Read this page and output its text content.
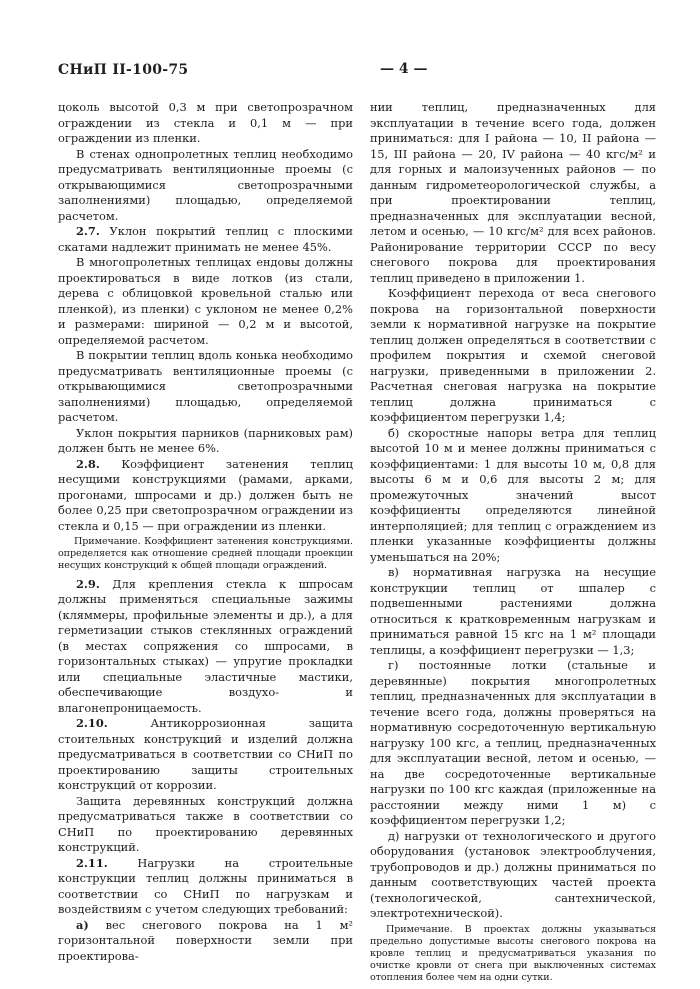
СНиП II-100-75	— 4 —

цоколь высотой 0,3 м при светопрозрачном ограждении из стекла и 0,1 м — при ограждении из пленки.

В стенах однопролетных теплиц необходимо предусматривать вентиляционные проемы (с открывающимися светопрозрачными заполнениями) площадью, определяемой расчетом.

2.7. Уклон покрытий теплиц с плоскими скатами надлежит принимать не менее 45%.

В многопролетных теплицах ендовы должны проектироваться в виде лотков (из стали, дерева с облицовкой кровельной сталью или пленкой), из пленки) с уклоном не менее 0,2% и размерами: шириной — 0,2 м и высотой, определяемой расчетом.

В покрытии теплиц вдоль конька необходимо предусматривать вентиляционные проемы (с открывающимися светопрозрачными заполнениями) площадью, определяемой расчетом.

Уклон покрытия парников (парниковых рам) должен быть не менее 6%.

2.8. Коэффициент затенения теплиц несущими конструкциями (рамами, арками, прогонами, шпросами и др.) должен быть не более 0,25 при светопрозрачном ограждении из стекла и 0,15 — при ограждении из пленки.

Примечание. Коэффициент затенения конструкциями. определяется как отношение средней площади проекции несущих конструкций к общей площади ограждений.

2.9. Для крепления стекла к шпросам должны применяться специальные зажимы (кляммеры, профильные элементы и др.), а для герметизации стыков стеклянных ограждений (в местах сопряжения со шпросами, в горизонтальных стыках) — упругие прокладки или специальные эластичные мастики, обеспечивающие воздухо- и влагонепроницаемость.

2.10. Антикоррозионная защита стоительных конструкций и изделий должна предусматриваться в соответствии со СНиП по проектированию защиты строительных конструкций от коррозии.

Защита деревянных конструкций должна предусматриваться также в соответствии со СНиП по проектированию деревянных конструкций.

2.11. Нагрузки на строительные конструкции теплиц должны приниматься в соответствии со СНиП по нагрузкам и воздействиям с учетом следующих требований:

а) вес снегового покрова на 1 м² горизонтальной поверхности земли при проектирова-

нии теплиц, предназначенных для эксплуатации в течение всего года, должен приниматься: для I района — 10, II района — 15, III района — 20, IV района — 40 кгс/м² и для горных и малоизученных районов — по данным гидрометеорологической службы, а при проектировании теплиц, предназначенных для эксплуатации весной, летом и осенью, — 10 кгс/м² для всех районов. Районирование территории СССР по весу снегового покрова для проектирования теплиц приведено в приложении 1.

Коэффициент перехода от веса снегового покрова на горизонтальной поверхности земли к нормативной нагрузке на покрытие теплиц должен определяться в соответствии с профилем покрытия и схемой снеговой нагрузки, приведенными в приложении 2. Расчетная снеговая нагрузка на покрытие теплиц должна приниматься с коэффициентом перегрузки 1,4;

б) скоростные напоры ветра для теплиц высотой 10 м и менее должны приниматься с коэффициентами: 1 для высоты 10 м, 0,8 для высоты 6 м и 0,6 для высоты 2 м; для промежуточных значений высот коэффициенты определяются линейной интерполяцией; для теплиц с ограждением из пленки указанные коэффициенты должны уменьшаться на 20%;

в) нормативная нагрузка на несущие конструкции теплиц от шпалер с подвешенными растениями должна относиться к кратковременным нагрузкам и приниматься равной 15 кгс на 1 м² площади теплицы, а коэффициент перегрузки — 1,3;

г) постоянные лотки (стальные и деревянные) покрытия многопролетных теплиц, предназначенных для эксплуатации в течение всего года, должны проверяться на нормативную сосредоточенную вертикальную нагрузку 100 кгс, а теплиц, предназначенных для эксплуатации весной, летом и осенью, — на две сосредоточенные вертикальные нагрузки по 100 кгс каждая (приложенные на расстоянии между ними 1 м) с коэффициентом перегрузки 1,2;

д) нагрузки от технологического и другого оборудования (установок электрооблучения, трубопроводов и др.) должны приниматься по данным соответствующих частей проекта (технологической, сантехнической, электротехнической).

Примечание. В проектах должны указываться предельно допустимые высоты снегового покрова на кровле теплиц и предусматриваться указания по очистке кровли от снега при выключенных системах отопления более чем на одни сутки.
